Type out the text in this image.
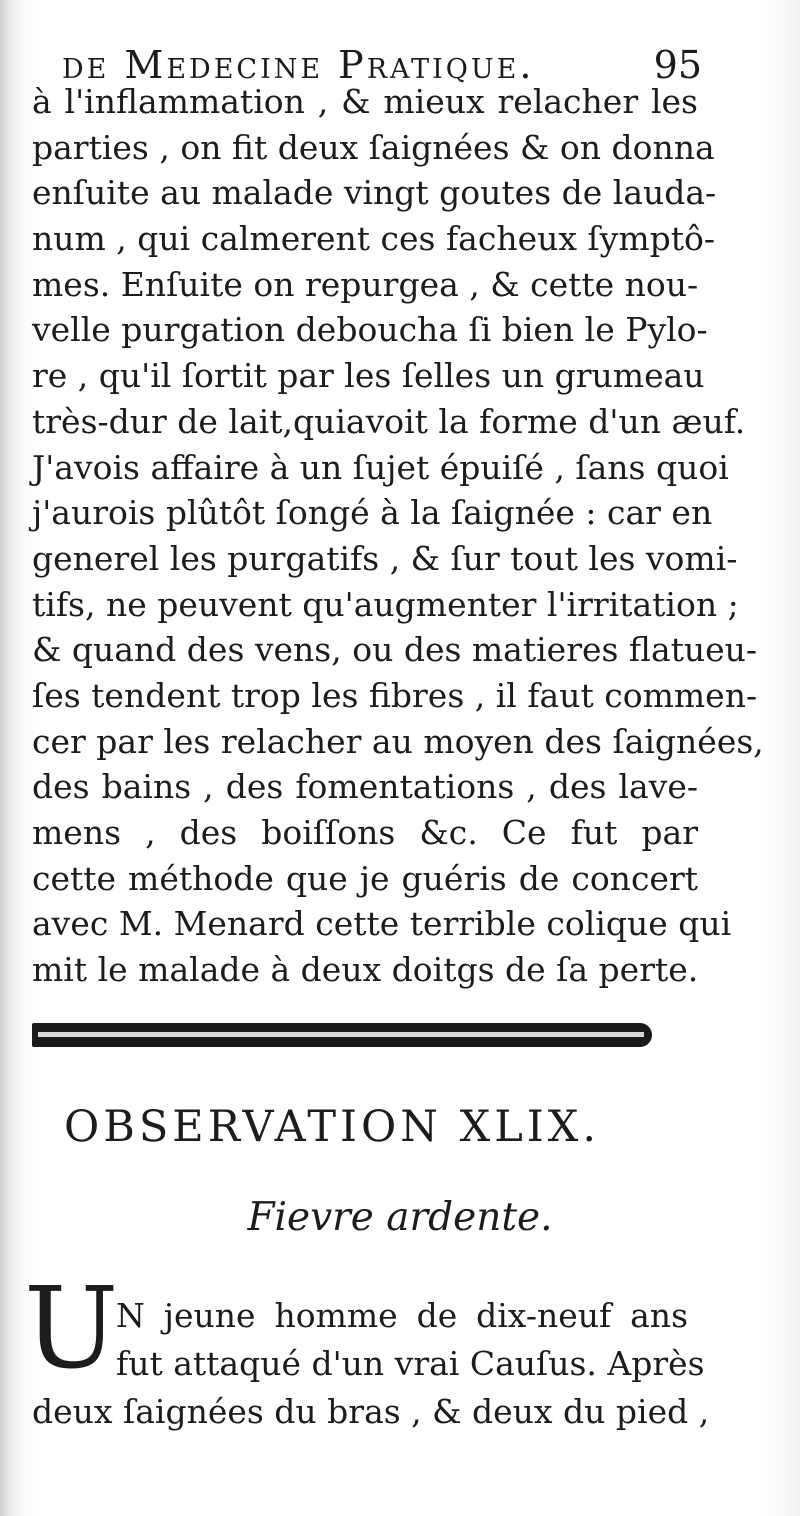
de Medecine Pratique.	95
à l'inflammation , & mieux relacher les
parties , on fit deux ſaignées & on donna
enſuite au malade vingt goutes de lauda-
num , qui calmerent ces facheux ſymptô-
mes. Enſuite on repurgea , & cette nou-
velle purgation deboucha ſi bien le Pylo-
re , qu'il ſortit par les ſelles un grumeau
très-dur de lait,quiavoit la forme d'un æuf.
J'avois affaire à un ſujet épuiſé , ſans quoi
j'aurois plûtôt ſongé à la ſaignée : car en
generel les purgatifs , & ſur tout les vomi-
tifs, ne peuvent qu'augmenter l'irritation ;
& quand des vens, ou des matieres flatueu-
ſes tendent trop les fibres , il faut commen-
cer par les relacher au moyen des ſaignées,
des bains , des fomentations , des lave-
mens , des boiſſons &c. Ce fut par
cette méthode que je guéris de concert
avec M. Menard cette terrible colique qui
mit le malade à deux doitgs de ſa perte.
OBSERVATION XLIX.
Fievre ardente.
U
N jeune homme de dix-neuf ans
fut attaqué d'un vrai Cauſus. Après
deux ſaignées du bras , & deux du pied ,
